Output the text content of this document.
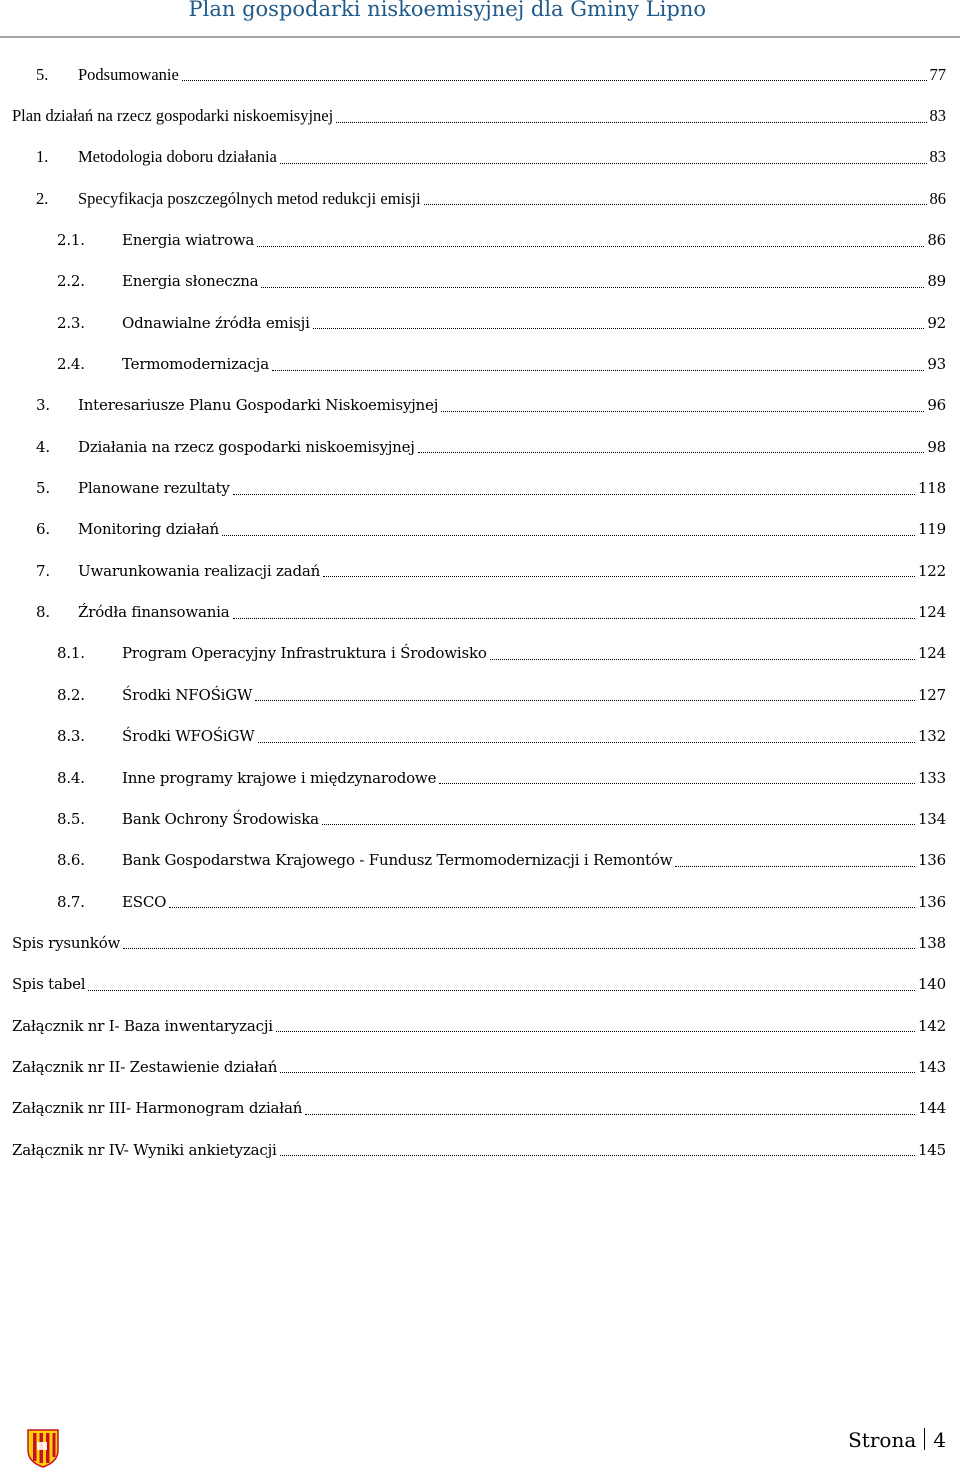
Plan gospodarki niskoemisyjnej dla Gminy Lipno
5.	Podsumowanie	77
Plan działań na rzecz gospodarki niskoemisyjnej	83
1.	Metodologia doboru działania	83
2.	Specyfikacja poszczególnych metod redukcji emisji	86
2.1.	Energia wiatrowa	86
2.2.	Energia słoneczna	89
2.3.	Odnawialne źródła emisji	92
2.4.	Termomodernizacja	93
3.	Interesariusze Planu Gospodarki Niskoemisyjnej	96
4.	Działania na rzecz gospodarki niskoemisyjnej	98
5.	Planowane rezultaty	118
6.	Monitoring działań	119
7.	Uwarunkowania realizacji zadań	122
8.	Źródła finansowania	124
8.1.	Program Operacyjny Infrastruktura i Środowisko	124
8.2.	Środki NFOŚiGW	127
8.3.	Środki WFOŚiGW	132
8.4.	Inne programy krajowe i międzynarodowe	133
8.5.	Bank Ochrony Środowiska	134
8.6.	Bank Gospodarstwa Krajowego - Fundusz Termomodernizacji i Remontów	136
8.7.	ESCO	136
Spis rysunków	138
Spis tabel	140
Załącznik nr I- Baza inwentaryzacji	142
Załącznik nr II- Zestawienie działań	143
Załącznik nr III- Harmonogram działań	144
Załącznik nr IV- Wyniki ankietyzacji	145
Strona 4
